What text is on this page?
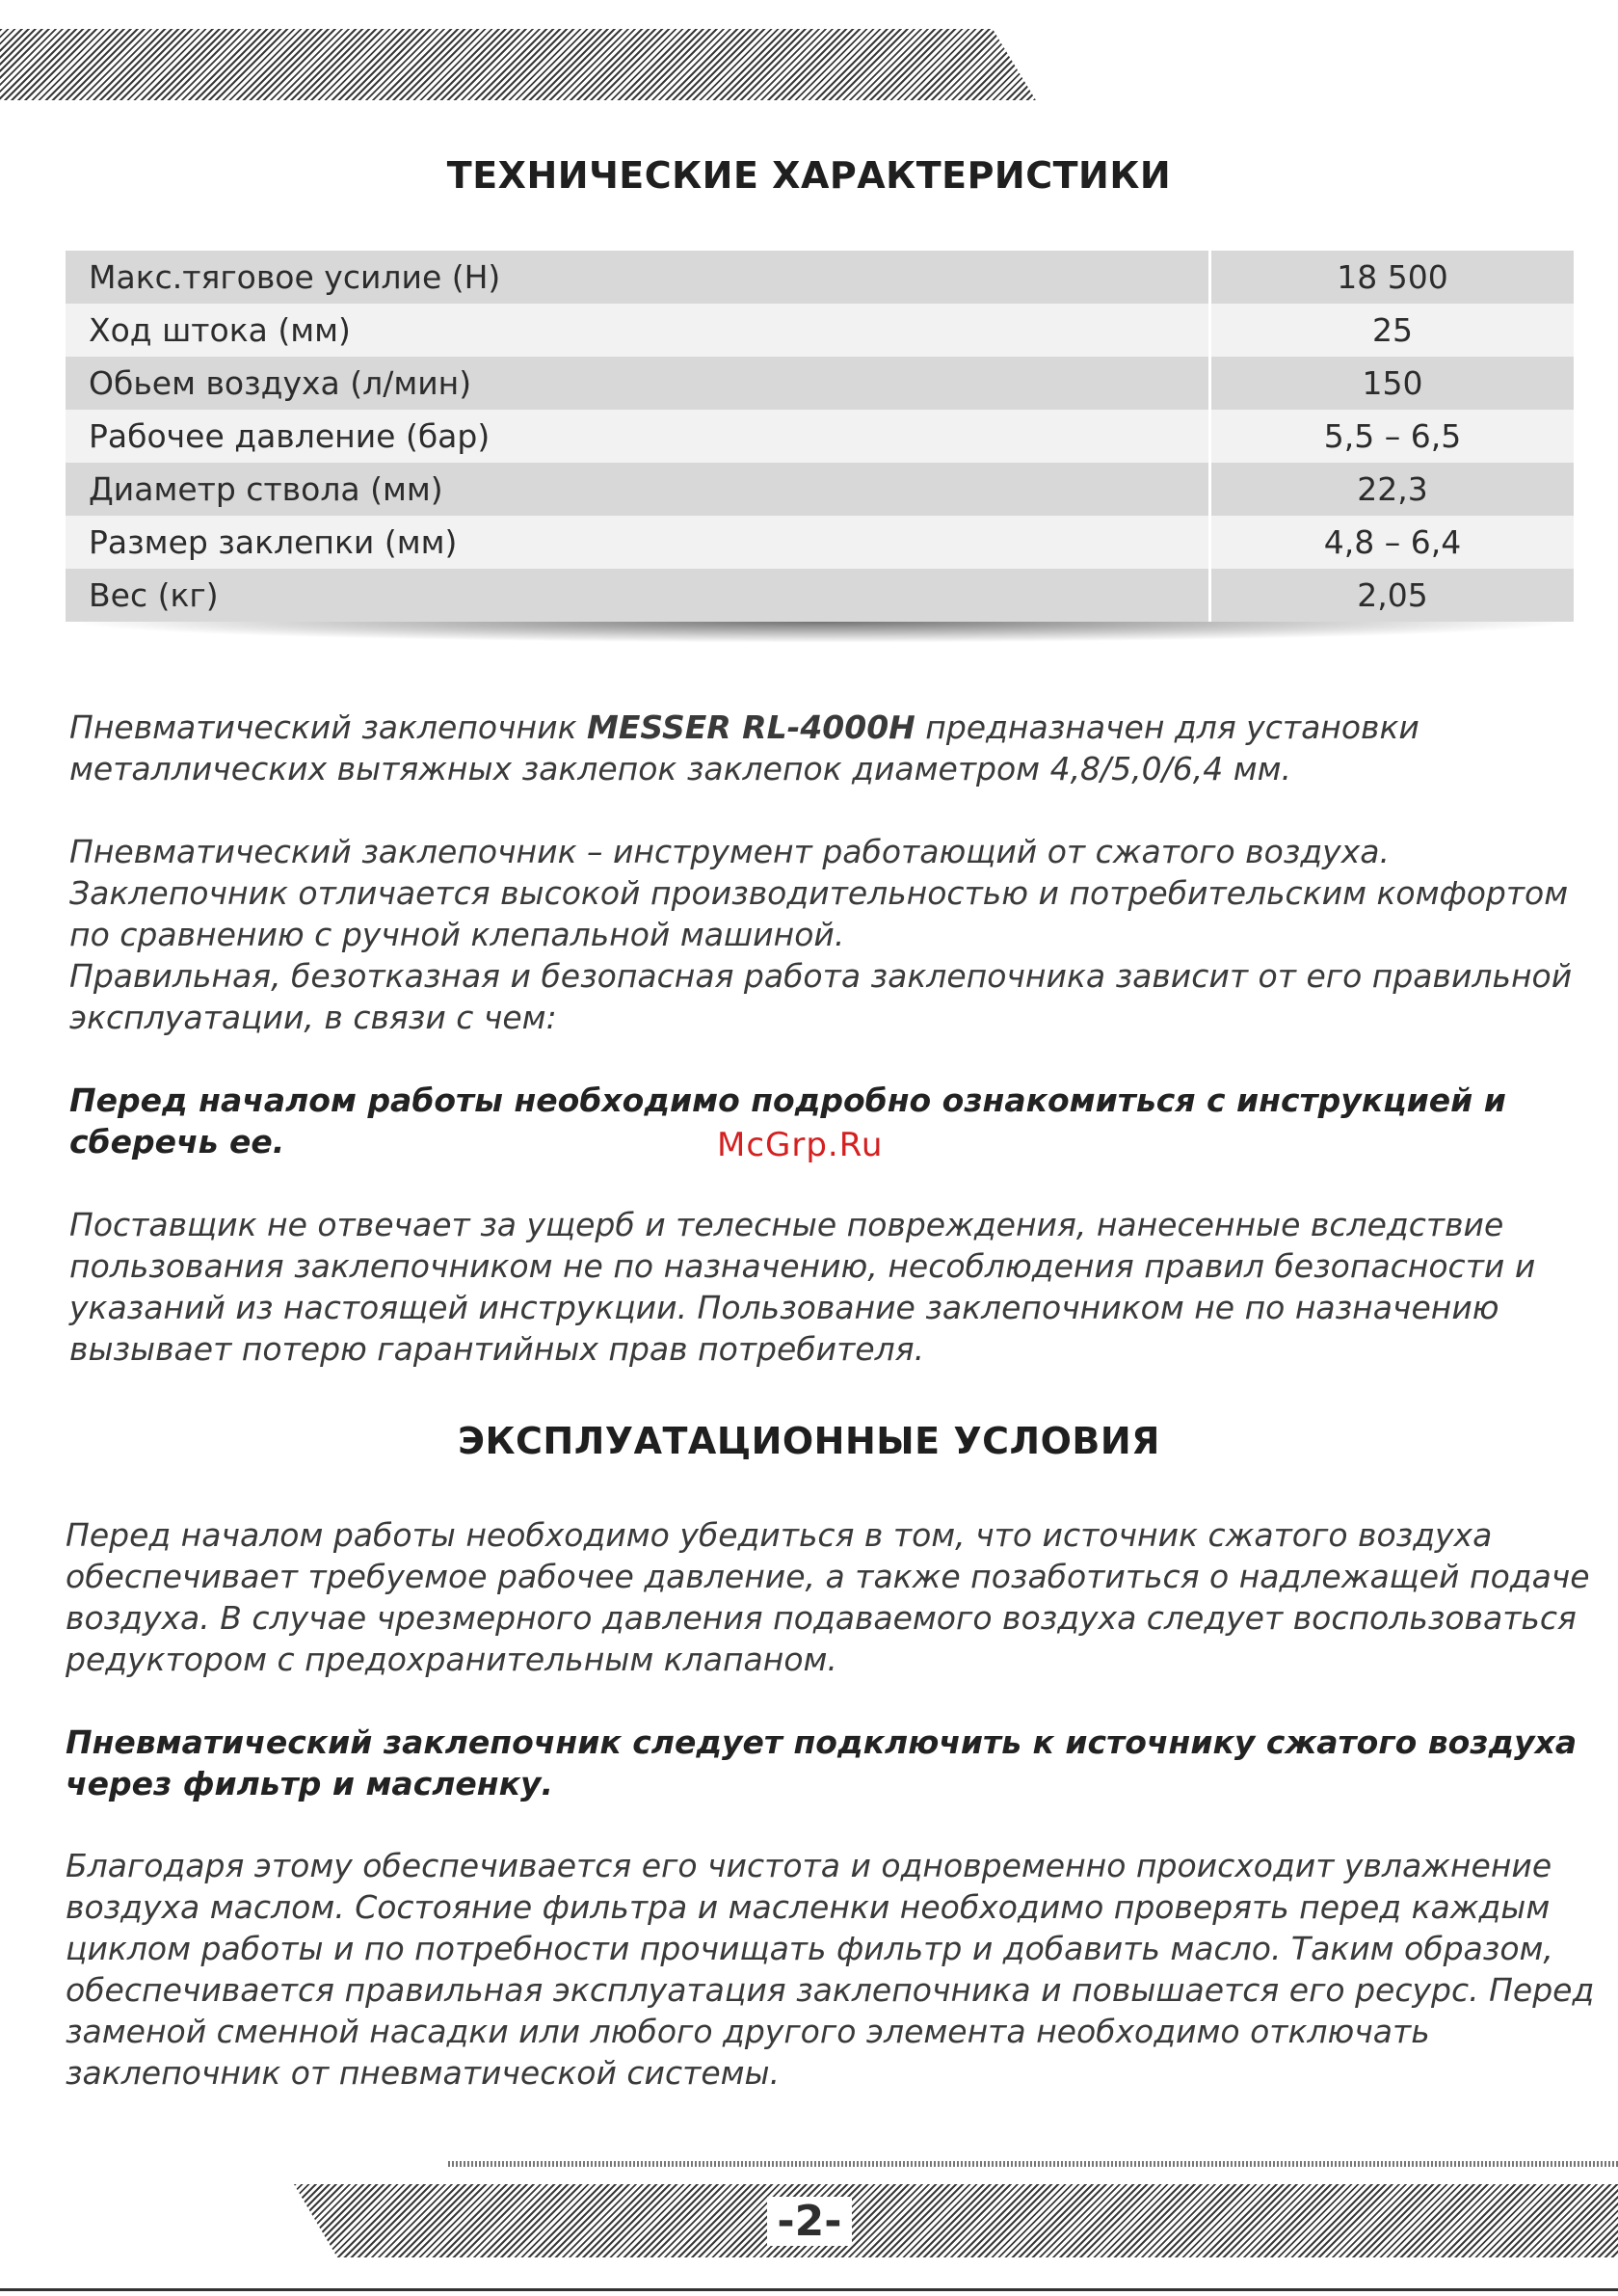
ТЕХНИЧЕСКИЕ ХАРАКТЕРИСТИКИ
Макс.тяговое усилие (Н)	18 500
Ход штока (мм)	25
Обьем воздуха (л/мин)	150
Рабочее давление (бар)	5,5 – 6,5
Диаметр ствола (мм)	22,3
Размер заклепки (мм)	4,8 – 6,4
Вес (кг)	2,05

Пневматический заклепочник MESSER RL-4000H предназначен для установки металлических вытяжных заклепок заклепок диаметром 4,8/5,0/6,4 мм.

Пневматический заклепочник – инструмент работающий от сжатого воздуха. Заклепочник отличается высокой производительностью и потребительским комфортом по сравнению с ручной клепальной машиной.

Правильная, безотказная и безопасная работа заклепочника зависит от его правильной эксплуатации, в связи с чем:

Перед началом работы необходимо подробно ознакомиться с инструкцией и сберечь ее.	McGrp.Ru

Поставщик не отвечает за ущерб и телесные повреждения, нанесенные вследствие пользования заклепочником не по назначению, несоблюдения правил безопасности и указаний из настоящей инструкции. Пользование заклепочником не по назначению вызывает потерю гарантийных прав потребителя.

ЭКСПЛУАТАЦИОННЫЕ УСЛОВИЯ

Перед началом работы необходимо убедиться в том, что источник сжатого воздуха обеспечивает требуемое рабочее давление, а также позаботиться о надлежащей подаче воздуха. В случае чрезмерного давления подаваемого воздуха следует воспользоваться редуктором с предохранительным клапаном.

Пневматический заклепочник следует подключить к источнику сжатого воздуха через фильтр и масленку.

Благодаря этому обеспечивается его чистота и одновременно происходит увлажнение воздуха маслом. Состояние фильтра и масленки необходимо проверять перед каждым циклом работы и по потребности прочищать фильтр и добавить масло. Таким образом, обеспечивается правильная эксплуатация заклепочника и повышается его ресурс. Перед заменой сменной насадки или любого другого элемента необходимо отключать заклепочник от пневматической системы.

-2-
